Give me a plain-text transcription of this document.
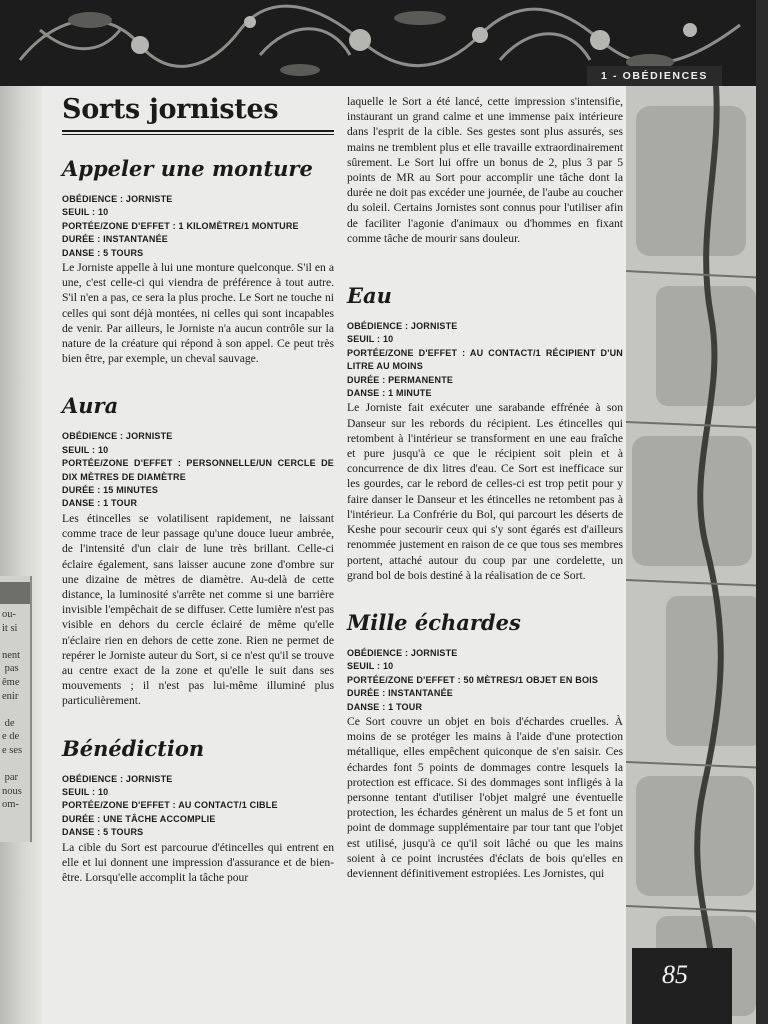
ou-
it si

nent
pas
ême
enir

de
e de
e ses

par
nous
om-
1 - OBÉDIENCES
85
Sorts jornistes
Appeler une monture
OBÉDIENCE : JORNISTE
SEUIL : 10
PORTÉE/ZONE D'EFFET : 1 KILOMÈTRE/1 MONTURE
DURÉE : INSTANTANÉE
DANSE : 5 TOURS

Le Jorniste appelle à lui une monture quelconque. S'il en a une, c'est celle-ci qui viendra de préférence à tout autre. S'il n'en a pas, ce sera la plus proche. Le Sort ne touche ni celles qui sont déjà montées, ni celles qui sont incapables de venir. Par ailleurs, le Jorniste n'a aucun contrôle sur la nature de la créature qui répond à son appel. Ce peut très bien être, par exemple, un cheval sauvage.

Aura
OBÉDIENCE : JORNISTE
SEUIL : 10
PORTÉE/ZONE D'EFFET : PERSONNELLE/UN CERCLE DE DIX MÈTRES DE DIAMÈTRE
DURÉE : 15 MINUTES
DANSE : 1 TOUR

Les étincelles se volatilisent rapidement, ne laissant comme trace de leur passage qu'une douce lueur ambrée, de l'intensité d'un clair de lune très brillant. Celle-ci éclaire également, sans laisser aucune zone d'ombre sur une dizaine de mètres de diamètre. Au-delà de cette distance, la luminosité s'arrête net comme si une barrière invisible l'empêchait de se diffuser. Cette lumière n'est pas visible en dehors du cercle éclairé de même qu'elle n'éclaire rien en dehors de cette zone. Rien ne permet de repérer le Jorniste auteur du Sort, si ce n'est qu'il se trouve au centre exact de la zone et qu'elle le suit dans ses mouvements ; il n'est pas lui-même illuminé plus particulièrement.

Bénédiction
OBÉDIENCE : JORNISTE
SEUIL : 10
PORTÉE/ZONE D'EFFET : AU CONTACT/1 CIBLE
DURÉE : UNE TÂCHE ACCOMPLIE
DANSE : 5 TOURS

La cible du Sort est parcourue d'étincelles qui entrent en elle et lui donnent une impression d'assurance et de bien-être. Lorsqu'elle accomplit la tâche pour

laquelle le Sort a été lancé, cette impression s'intensifie, instaurant un grand calme et une immense paix intérieure dans l'esprit de la cible. Ses gestes sont plus assurés, ses mains ne tremblent plus et elle travaille extraordinairement sûrement. Le Sort lui offre un bonus de 2, plus 3 par 5 points de MR au Sort pour accomplir une tâche dont la durée ne doit pas excéder une journée, de l'aube au coucher du soleil. Certains Jornistes sont connus pour l'utiliser afin de faciliter l'agonie d'animaux ou d'hommes en fixant comme tâche de mourir sans douleur.

Eau
OBÉDIENCE : JORNISTE
SEUIL : 10
PORTÉE/ZONE D'EFFET : AU CONTACT/1 RÉCIPIENT D'UN LITRE AU MOINS
DURÉE : PERMANENTE
DANSE : 1 MINUTE

Le Jorniste fait exécuter une sarabande effrénée à son Danseur sur les rebords du récipient. Les étincelles qui retombent à l'intérieur se transforment en une eau fraîche et pure jusqu'à ce que le récipient soit plein et à concurrence de dix litres d'eau. Ce Sort est inefficace sur les gourdes, car le rebord de celles-ci est trop petit pour y faire danser le Danseur et les étincelles ne retombent pas à l'intérieur. La Confrérie du Bol, qui parcourt les déserts de Keshe pour secourir ceux qui s'y sont égarés est d'ailleurs renommée justement en raison de ce que tous ses membres portent, attaché autour du coup par une cordelette, un grand bol de bois destiné à la réalisation de ce Sort.

Mille échardes
OBÉDIENCE : JORNISTE
SEUIL : 10
PORTÉE/ZONE D'EFFET : 50 MÈTRES/1 OBJET EN BOIS
DURÉE : INSTANTANÉE
DANSE : 1 TOUR

Ce Sort couvre un objet en bois d'échardes cruelles. À moins de se protéger les mains à l'aide d'une protection métallique, elles empêchent quiconque de s'en saisir. Ces échardes font 5 points de dommages contre lesquels la protection est efficace. Si des dommages sont infligés à la personne tentant d'utiliser l'objet malgré une éventuelle protection, les échardes génèrent un malus de 5 et font un point de dommage supplémentaire par tour tant que l'objet est utilisé, jusqu'à ce qu'il soit lâché ou que les mains soient à ce point incrustées d'éclats de bois qu'elles en deviennent définitivement estropiées. Les Jornistes, qui
